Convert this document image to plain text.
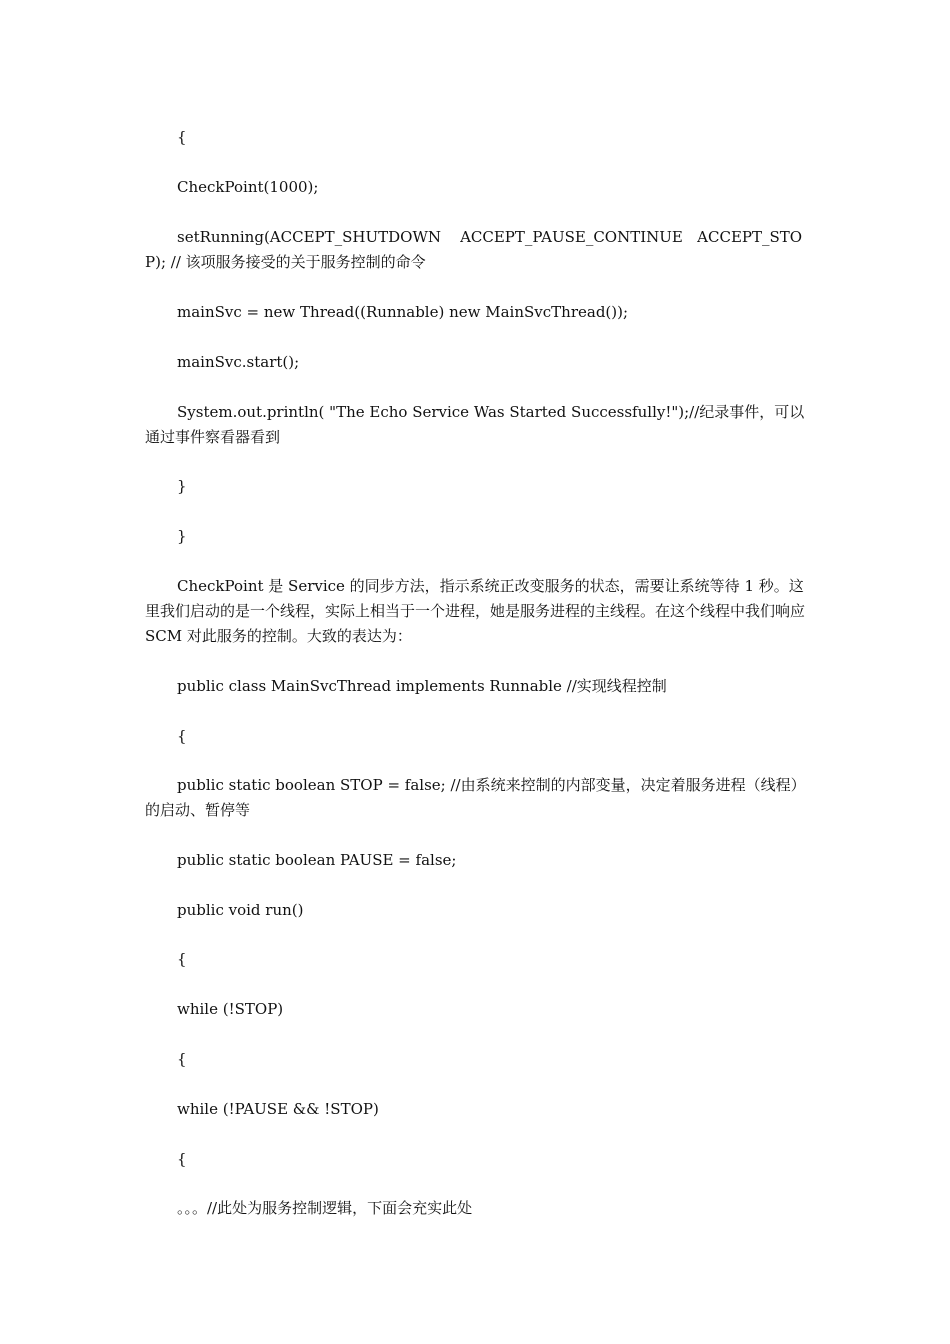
{
CheckPoint(1000);
setRunning(ACCEPT_SHUTDOWN    ACCEPT_PAUSE_CONTINUE   ACCEPT_STOP); // 该项服务接受的关于服务控制的命令
mainSvc = new Thread((Runnable) new MainSvcThread());
mainSvc.start();
System.out.println( "The Echo Service Was Started Successfully!");//纪录事件，可以通过事件察看器看到
}
}
CheckPoint 是 Service 的同步方法，指示系统正改变服务的状态，需要让系统等待 1 秒。这里我们启动的是一个线程，实际上相当于一个进程，她是服务进程的主线程。在这个线程中我们响应 SCM 对此服务的控制。大致的表达为：
public class MainSvcThread implements Runnable //实现线程控制
{
public static boolean STOP = false; //由系统来控制的内部变量，决定着服务进程（线程）的启动、暂停等
public static boolean PAUSE = false;
public void run()
{
while (!STOP)
{
while (!PAUSE && !STOP)
{
。。。//此处为服务控制逻辑，下面会充实此处
